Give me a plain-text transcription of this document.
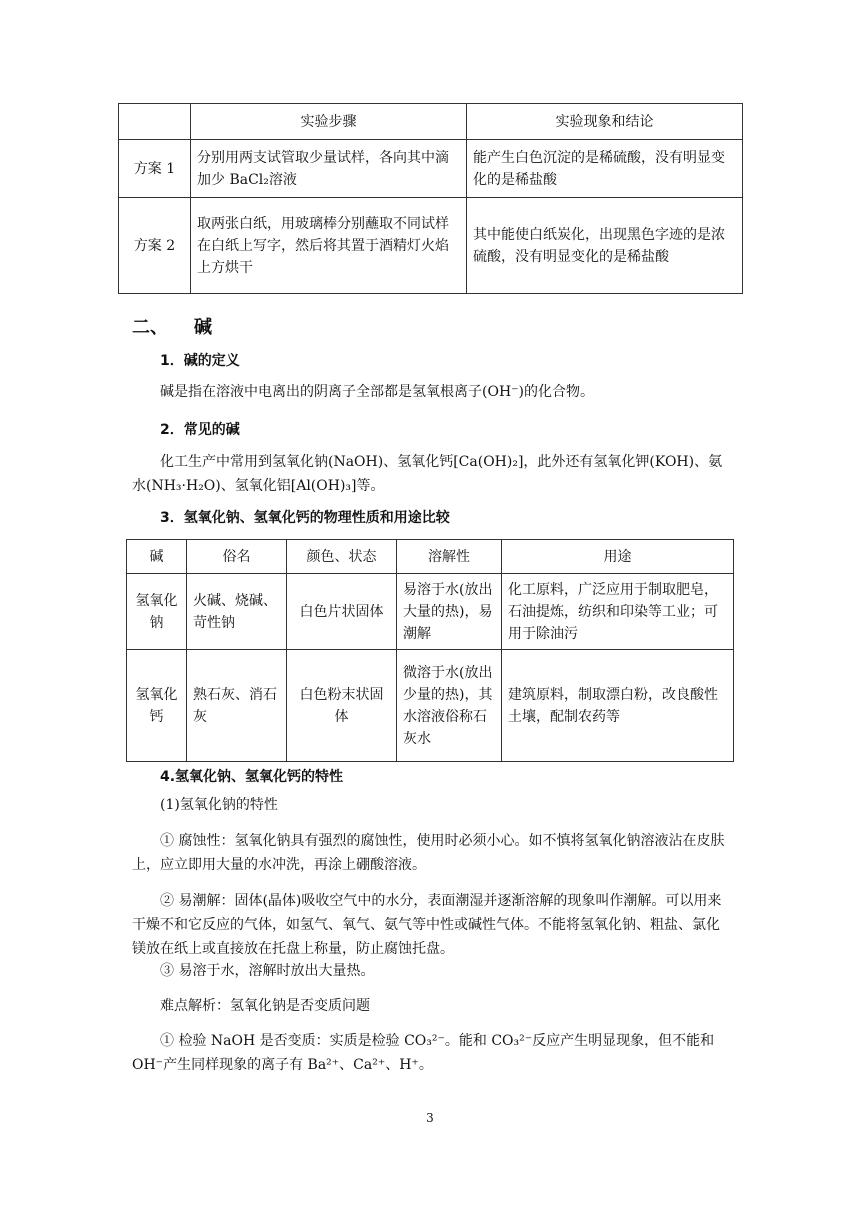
	实验步骤	实验现象和结论
方案 1	分别用两支试管取少量试样，各向其中滴加少 BaCl₂溶液	能产生白色沉淀的是稀硫酸，没有明显变化的是稀盐酸
方案 2	取两张白纸，用玻璃棒分别蘸取不同试样在白纸上写字，然后将其置于酒精灯火焰上方烘干	其中能使白纸炭化，出现黑色字迹的是浓硫酸，没有明显变化的是稀盐酸
二、 碱
1．碱的定义
碱是指在溶液中电离出的阴离子全部都是氢氧根离子(OH⁻)的化合物。
2．常见的碱
化工生产中常用到氢氧化钠(NaOH)、氢氧化钙[Ca(OH)₂]，此外还有氢氧化钾(KOH)、氨水(NH₃·H₂O)、氢氧化铝[Al(OH)₃]等。
3．氢氧化钠、氢氧化钙的物理性质和用途比较
碱	俗名	颜色、状态	溶解性	用途
氢氧化钠	火碱、烧碱、苛性钠	白色片状固体	易溶于水(放出大量的热)，易潮解	化工原料，广泛应用于制取肥皂，石油提炼，纺织和印染等工业；可用于除油污
氢氧化钙	熟石灰、消石灰	白色粉末状固体	微溶于水(放出少量的热)，其水溶液俗称石灰水	建筑原料，制取漂白粉，改良酸性土壤，配制农药等
4.氢氧化钠、氢氧化钙的特性
(1)氢氧化钠的特性
① 腐蚀性：氢氧化钠具有强烈的腐蚀性，使用时必须小心。如不慎将氢氧化钠溶液沾在皮肤上，应立即用大量的水冲洗，再涂上硼酸溶液。
② 易潮解：固体(晶体)吸收空气中的水分，表面潮湿并逐渐溶解的现象叫作潮解。可以用来干燥不和它反应的气体，如氢气、氧气、氨气等中性或碱性气体。不能将氢氧化钠、粗盐、氯化镁放在纸上或直接放在托盘上称量，防止腐蚀托盘。
③ 易溶于水，溶解时放出大量热。
难点解析：氢氧化钠是否变质问题
① 检验 NaOH 是否变质：实质是检验 CO₃²⁻。能和 CO₃²⁻反应产生明显现象，但不能和 OH⁻产生同样现象的离子有 Ba²⁺、Ca²⁺、H⁺。
3
